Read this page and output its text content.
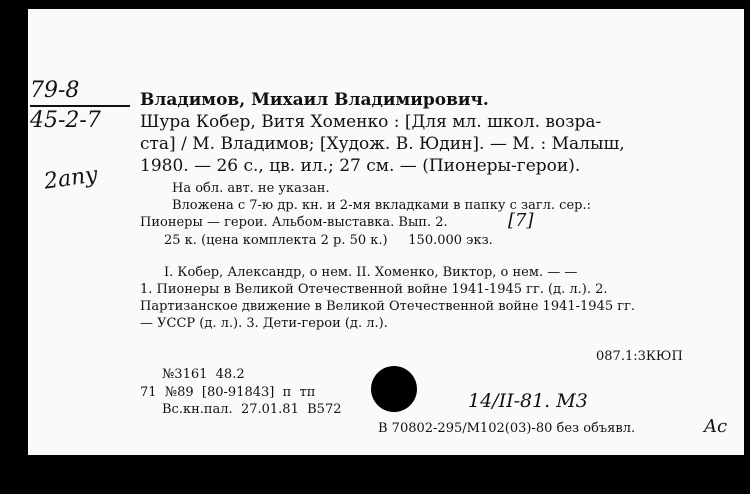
79-8
45-2-7
2any
Владимов, Михаил Владимирович.
Шура Кобер, Витя Хоменко : [Для мл. школ. возра-
ста] / М. Владимов; [Худож. В. Юдин]. — М. : Малыш,
1980. — 26 с., цв. ил.; 27 см. — (Пионеры-герои).
На обл. авт. не указан.
Вложена с 7-ю др. кн. и 2-мя вкладками в папку с загл. сер.:
Пионеры — герои. Альбом-выставка. Вып. 2.	[7]
25 к. (цена комплекта 2 р. 50 к.)     150.000 экз.
I. Кобер, Александр, о нем. II. Хоменко, Виктор, о нем. — —
1. Пионеры в Великой Отечественной войне 1941-1945 гг. (д. л.). 2.
Партизанское движение в Великой Отечественной войне 1941-1945 гг.
— УССР (д. л.). 3. Дети-герои (д. л.).
087.1:3КЮП
№3161  48.2
71  №89  [80-91843]  п  тп
Вс.кн.пал.  27.01.81  В572	14/II-81. M3
В 70802-295/М102(03)-80 без объявл.	Ac
